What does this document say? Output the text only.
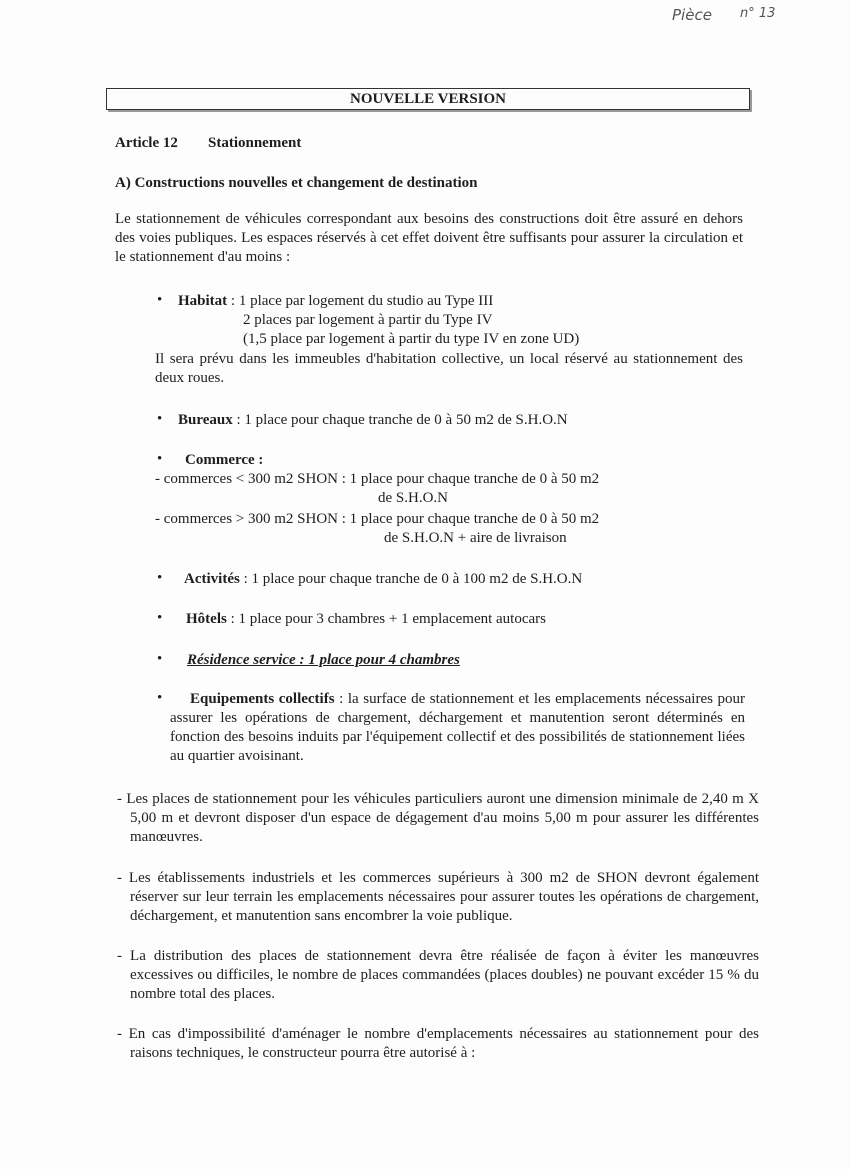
Pièce n° 13
NOUVELLE VERSION
Article 12 Stationnement
A) Constructions nouvelles et changement de destination
Le stationnement de véhicules correspondant aux besoins des constructions doit être assuré en dehors des voies publiques. Les espaces réservés à cet effet doivent être suffisants pour assurer la circulation et le stationnement d'au moins :
• Habitat : 1 place par logement du studio au Type III
2 places par logement à partir du Type IV
(1,5 place par logement à partir du type IV en zone UD)
Il sera prévu dans les immeubles d'habitation collective, un local réservé au stationnement des deux roues.
• Bureaux : 1 place pour chaque tranche de 0 à 50 m2 de S.H.O.N
• Commerce :
- commerces < 300 m2 SHON : 1 place pour chaque tranche de 0 à 50 m2
de S.H.O.N
- commerces > 300 m2 SHON : 1 place pour chaque tranche de 0 à 50 m2
de S.H.O.N + aire de livraison
• Activités : 1 place pour chaque tranche de 0 à 100 m2 de S.H.O.N
• Hôtels : 1 place pour 3 chambres + 1 emplacement autocars
• Résidence service : 1 place pour 4 chambres
•	Equipements collectifs : la surface de stationnement et les emplacements nécessaires pour assurer les opérations de chargement, déchargement et manutention seront déterminés en fonction des besoins induits par l'équipement collectif et des possibilités de stationnement liées au quartier avoisinant.
- Les places de stationnement pour les véhicules particuliers auront une dimension minimale de 2,40 m X 5,00 m et devront disposer d'un espace de dégagement d'au moins 5,00 m pour assurer les différentes manœuvres.
- Les établissements industriels et les commerces supérieurs à 300 m2 de SHON devront également réserver sur leur terrain les emplacements nécessaires pour assurer toutes les opérations de chargement, déchargement, et manutention sans encombrer la voie publique.
- La distribution des places de stationnement devra être réalisée de façon à éviter les manœuvres excessives ou difficiles, le nombre de places commandées (places doubles) ne pouvant excéder 15 % du nombre total des places.
- En cas d'impossibilité d'aménager le nombre d'emplacements nécessaires au stationnement pour des raisons techniques, le constructeur pourra être autorisé à :
